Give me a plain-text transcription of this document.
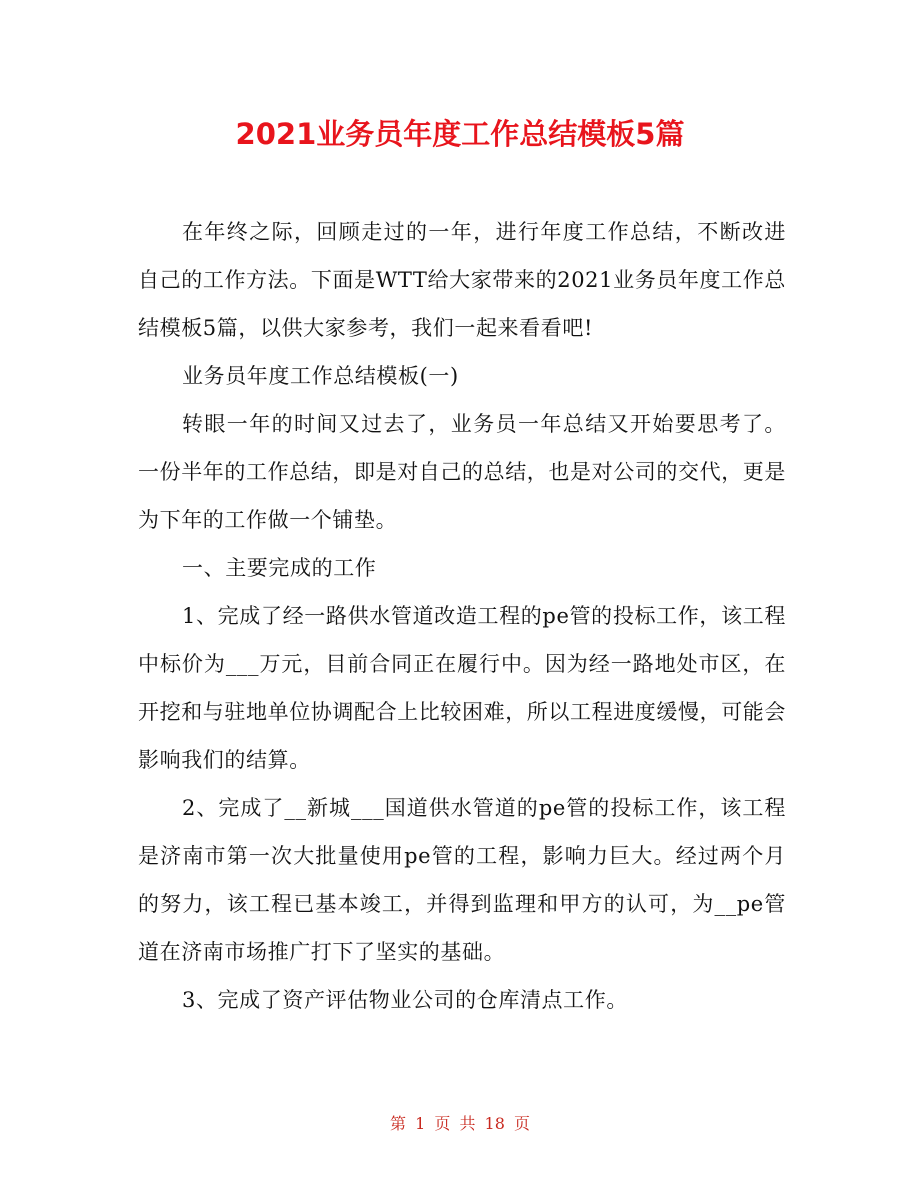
2021业务员年度工作总结模板5篇

在年终之际，回顾走过的一年，进行年度工作总结，不断改进自己的工作方法。下面是WTT给大家带来的2021业务员年度工作总结模板5篇，以供大家参考，我们一起来看看吧!

业务员年度工作总结模板(一)

转眼一年的时间又过去了，业务员一年总结又开始要思考了。一份半年的工作总结，即是对自己的总结，也是对公司的交代，更是为下年的工作做一个铺垫。

一、主要完成的工作

1、完成了经一路供水管道改造工程的pe管的投标工作，该工程中标价为___万元，目前合同正在履行中。因为经一路地处市区，在开挖和与驻地单位协调配合上比较困难，所以工程进度缓慢，可能会影响我们的结算。

2、完成了__新城___国道供水管道的pe管的投标工作，该工程是济南市第一次大批量使用pe管的工程，影响力巨大。经过两个月的努力，该工程已基本竣工，并得到监理和甲方的认可，为__pe管道在济南市场推广打下了坚实的基础。

3、完成了资产评估物业公司的仓库清点工作。

第 1 页 共 18 页
